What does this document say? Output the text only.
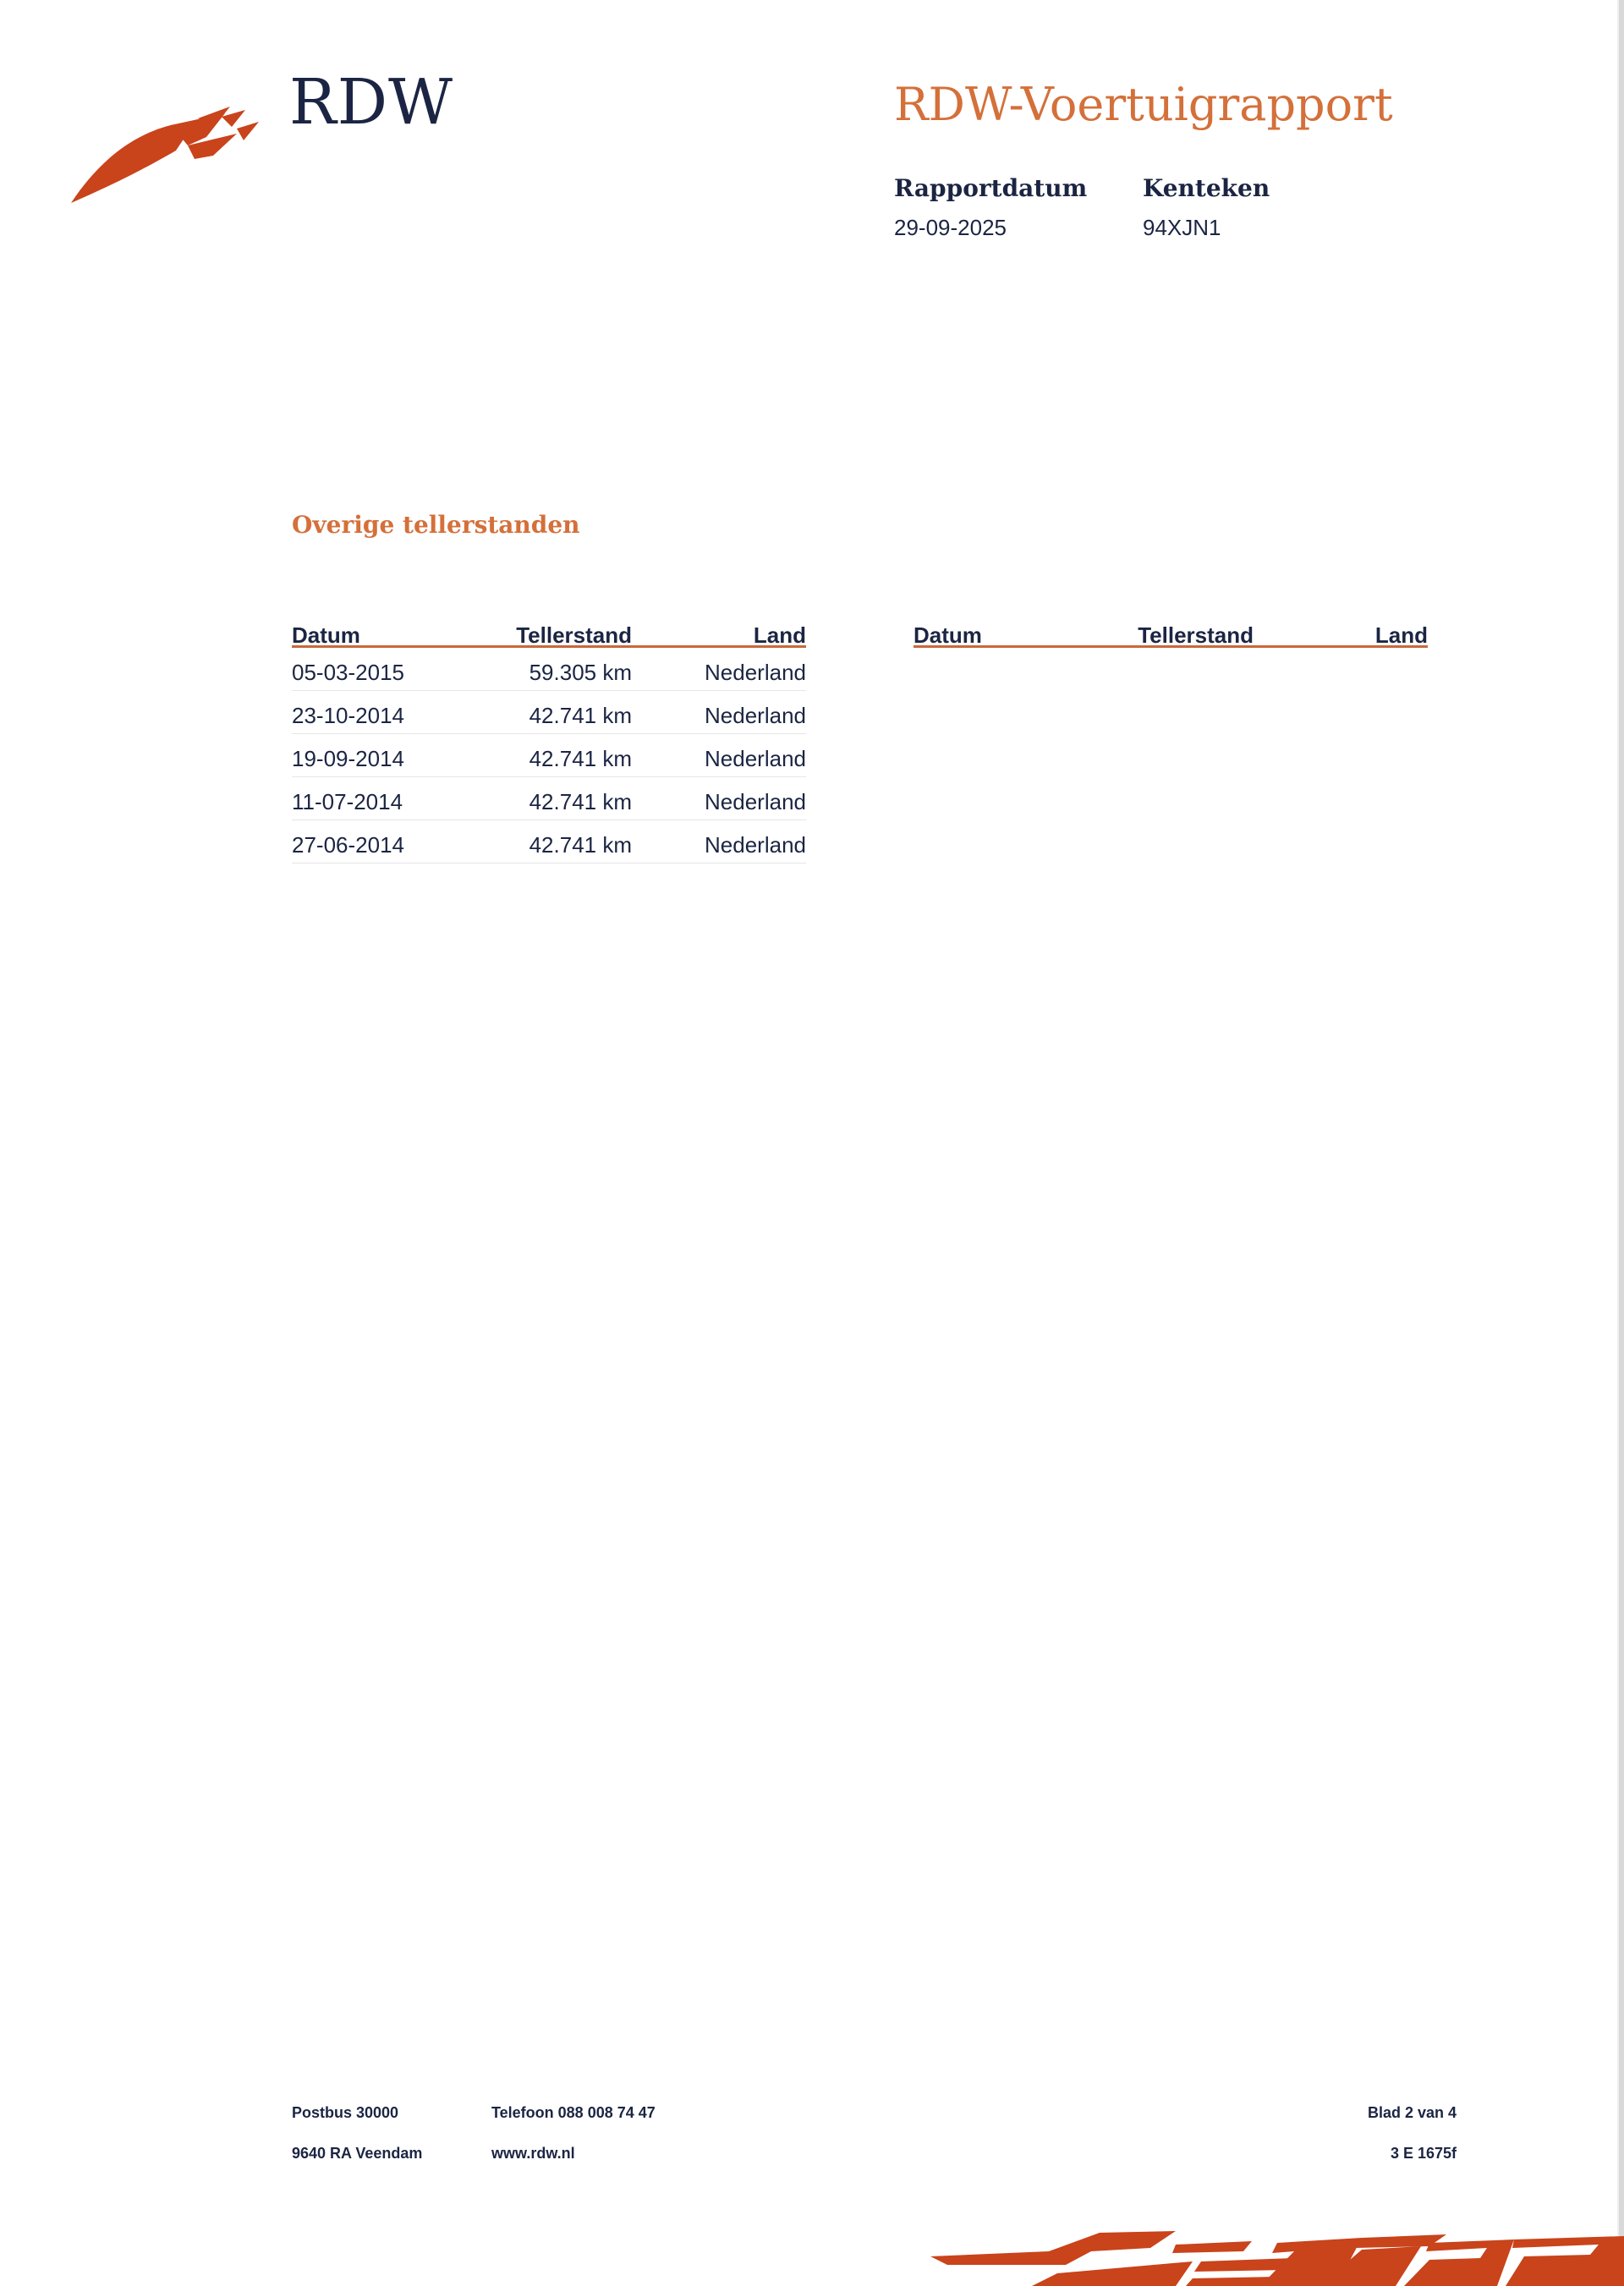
RDW	RDW-Voertuigrapport
Rapportdatum
29-09-2025
Kenteken
94XJN1
Overige tellerstanden
Datum	Tellerstand	Land
05-03-2015	59.305 km	Nederland
23-10-2014	42.741 km	Nederland
19-09-2014	42.741 km	Nederland
11-07-2014	42.741 km	Nederland
27-06-2014	42.741 km	Nederland
Datum	Tellerstand	Land
Postbus 30000
9640 RA Veendam
Telefoon 088 008 74 47
www.rdw.nl
Blad 2 van 4
3 E 1675f
